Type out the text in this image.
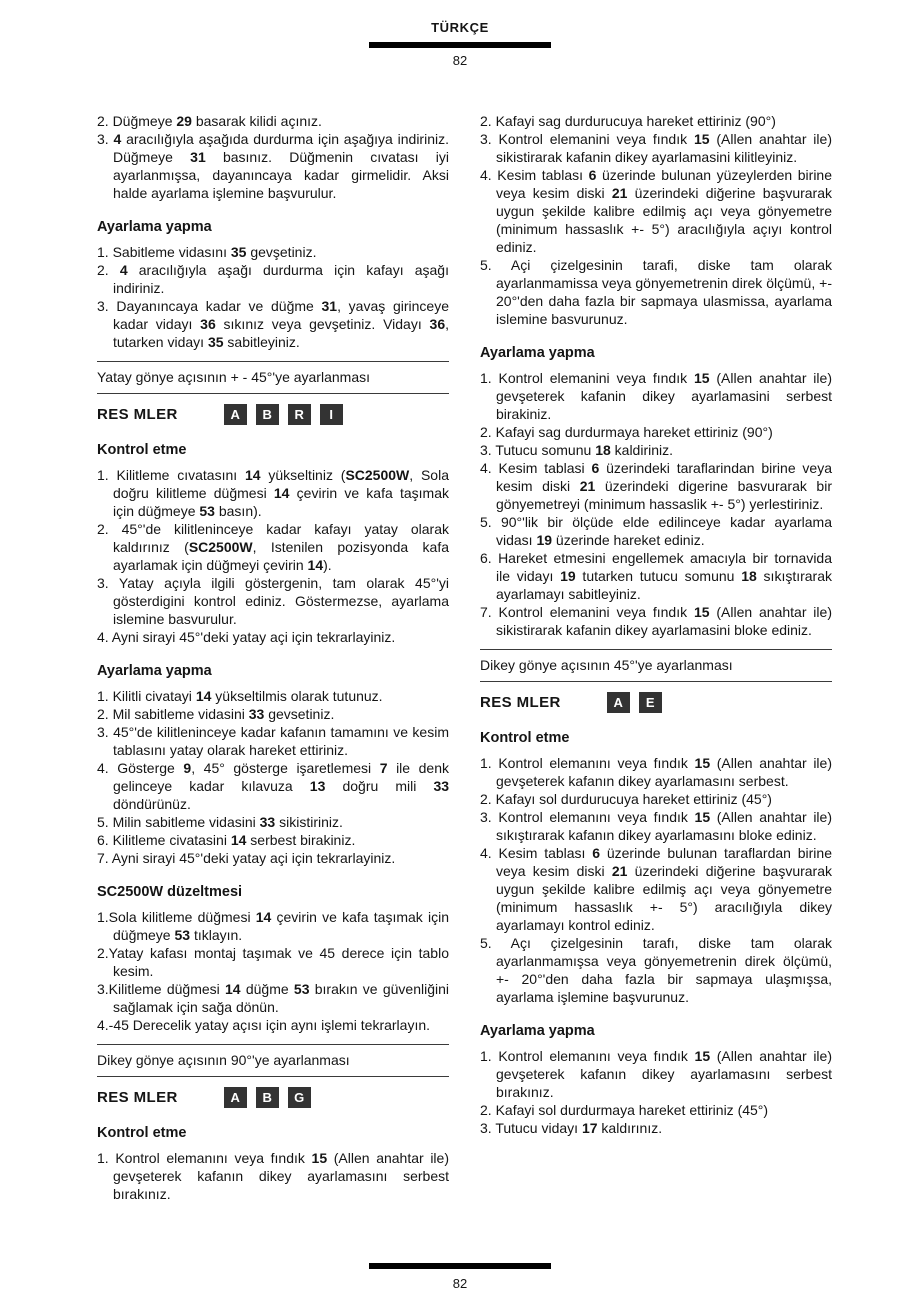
TÜRKÇE
82
2. Düğmeye 29 basarak kilidi açınız.
3. 4 aracılığıyla aşağıda durdurma için aşağıya indiriniz. Düğmeye 31 basınız. Düğmenin cıvatası iyi ayarlanmışsa, dayanıncaya kadar girmelidir. Aksi halde ayarlama işlemine başvurulur.
Ayarlama yapma
1. Sabitleme vidasını 35 gevşetiniz.
2. 4 aracılığıyla aşağı durdurma için kafayı aşağı indiriniz.
3. Dayanıncaya kadar ve düğme 31, yavaş girinceye kadar vidayı 36 sıkınız veya gevşetiniz. Vidayı 36, tutarken vidayı 35 sabitleyiniz.
Yatay gönye açısının + - 45°'ye ayarlanması
RES MLER	A	B	R	I
Kontrol etme
1. Kilitleme cıvatasını 14 yükseltiniz (SC2500W, Sola doğru kilitleme düğmesi 14 çevirin ve kafa taşımak için düğmeye 53 basın).
2. 45°'de kilitleninceye kadar kafayı yatay olarak kaldırınız (SC2500W, Istenilen pozisyonda kafa ayarlamak için düğmeyi çevirin 14).
3. Yatay açıyla ilgili göstergenin, tam olarak 45°'yi gösterdigini kontrol ediniz. Göstermezse, ayarlama islemine basvurulur.
4. Ayni sirayi 45°'deki yatay açi için tekrarlayiniz.
Ayarlama yapma
1. Kilitli civatayi 14 yükseltilmis olarak tutunuz.
2. Mil sabitleme vidasini 33 gevsetiniz.
3. 45°'de kilitleninceye kadar kafanın tamamını ve kesim tablasını yatay olarak hareket ettiriniz.
4. Gösterge 9, 45° gösterge işaretlemesi 7 ile denk gelinceye kadar kılavuza 13 doğru mili 33 döndürünüz.
5. Milin sabitleme vidasini 33 sikistiriniz.
6. Kilitleme civatasini 14 serbest birakiniz.
7. Ayni sirayi 45°'deki yatay açi için tekrarlayiniz.
SC2500W düzeltmesi
1.Sola kilitleme düğmesi 14 çevirin ve kafa taşımak için düğmeye 53 tıklayın.
2.Yatay kafası montaj taşımak ve 45 derece için tablo kesim.
3.Kilitleme düğmesi 14 düğme 53 bırakın ve güvenliğini sağlamak için sağa dönün.
4.-45 Derecelik yatay açısı için aynı işlemi tekrarlayın.
Dikey gönye açısının 90°'ye ayarlanması
RES MLER	A	B	G
Kontrol etme
1. Kontrol elemanını veya fındık 15 (Allen anahtar ile) gevşeterek kafanın dikey ayarlamasını serbest bırakınız.
2. Kafayi sag durdurucuya hareket ettiriniz (90°)
3. Kontrol elemanini veya fındık 15 (Allen anahtar ile) sikistirarak kafanin dikey ayarlamasini kilitleyiniz.
4. Kesim tablası 6 üzerinde bulunan yüzeylerden birine veya kesim diski 21 üzerindeki diğerine başvurarak uygun şekilde kalibre edilmiş açı veya gönyemetre (minimum hassaslık +- 5°) aracılığıyla açıyı kontrol ediniz.
5. Açi çizelgesinin tarafi, diske tam olarak ayarlanmamissa veya gönyemetrenin direk ölçümü, +- 20°'den daha fazla bir sapmaya ulasmissa, ayarlama islemine basvurunuz.
Ayarlama yapma
1. Kontrol elemanini veya fındık 15 (Allen anahtar ile) gevşeterek kafanin dikey ayarlamasini serbest birakiniz.
2. Kafayi sag durdurmaya hareket ettiriniz (90°)
3. Tutucu somunu 18 kaldiriniz.
4. Kesim tablasi 6 üzerindeki taraflarindan birine veya kesim diski 21 üzerindeki digerine basvurarak bir gönyemetreyi (minimum hassaslik +- 5°) yerlestiriniz.
5. 90°'lik bir ölçüde elde edilinceye kadar ayarlama vidası 19 üzerinde hareket ediniz.
6. Hareket etmesini engellemek amacıyla bir tornavida ile vidayı 19 tutarken tutucu somunu 18 sıkıştırarak ayarlamayı sabitleyiniz.
7. Kontrol elemanini veya fındık 15 (Allen anahtar ile) sikistirarak kafanin dikey ayarlamasini bloke ediniz.
Dikey gönye açısının 45°'ye ayarlanması
RES MLER	A	E
Kontrol etme
1. Kontrol elemanını veya fındık 15 (Allen anahtar ile) gevşeterek kafanın dikey ayarlamasını serbest.
2. Kafayı sol durdurucuya hareket ettiriniz (45°)
3. Kontrol elemanını veya fındık 15 (Allen anahtar ile) sıkıştırarak kafanın dikey ayarlamasını bloke ediniz.
4. Kesim tablası 6 üzerinde bulunan taraflardan birine veya kesim diski 21 üzerindeki diğerine başvurarak uygun şekilde kalibre edilmiş açı veya gönyemetre (minimum hassaslık +- 5°) aracılığıyla dikey ayarlamayı kontrol ediniz.
5. Açı çizelgesinin tarafı, diske tam olarak ayarlanmamışsa veya gönyemetrenin direk ölçümü, +- 20°'den daha fazla bir sapmaya ulaşmışsa, ayarlama işlemine başvurunuz.
Ayarlama yapma
1. Kontrol elemanını veya fındık 15 (Allen anahtar ile) gevşeterek kafanın dikey ayarlamasını serbest bırakınız.
2. Kafayi sol durdurmaya hareket ettiriniz (45°)
3. Tutucu vidayı 17 kaldırınız.
82
